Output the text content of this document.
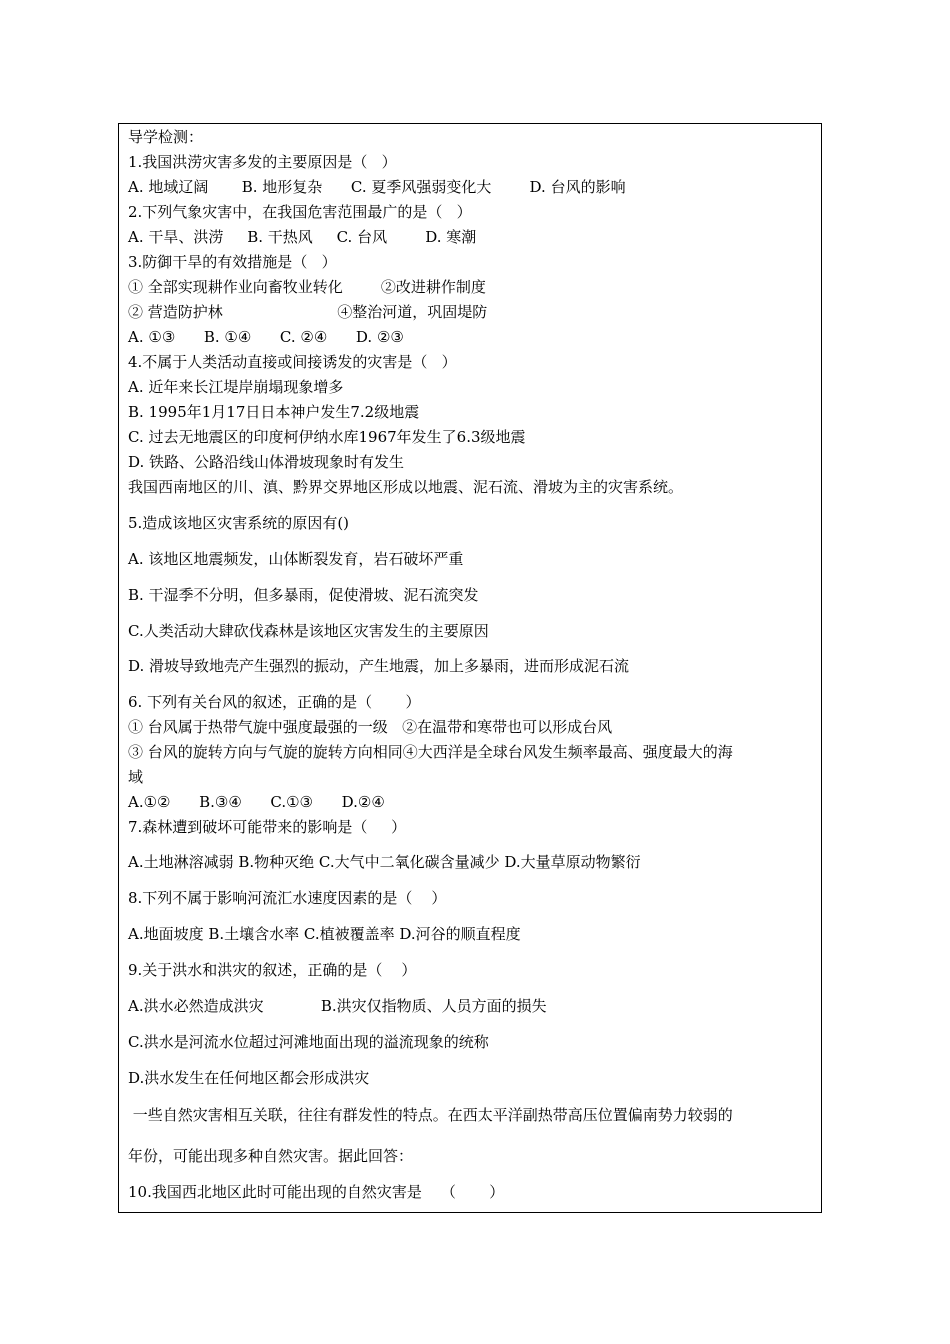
导学检测：
1.我国洪涝灾害多发的主要原因是（   ）
A. 地域辽阔       B. 地形复杂      C. 夏季风强弱变化大        D. 台风的影响
2.下列气象灾害中，在我国危害范围最广的是（   ）
A. 干旱、洪涝     B. 干热风     C. 台风        D. 寒潮
3.防御干旱的有效措施是（   ）
① 全部实现耕作业向畜牧业转化        ②改进耕作制度
② 营造防护林                        ④整治河道，巩固堤防
A. ①③      B. ①④      C. ②④      D. ②③
4.不属于人类活动直接或间接诱发的灾害是（   ）
A. 近年来长江堤岸崩塌现象增多
B. 1995年1月17日日本神户发生7.2级地震
C. 过去无地震区的印度柯伊纳水库1967年发生了6.3级地震
D. 铁路、公路沿线山体滑坡现象时有发生
我国西南地区的川、滇、黔界交界地区形成以地震、泥石流、滑坡为主的灾害系统。
5.造成该地区灾害系统的原因有()
A. 该地区地震频发，山体断裂发育，岩石破坏严重
B. 干湿季不分明，但多暴雨，促使滑坡、泥石流突发
C.人类活动大肆砍伐森林是该地区灾害发生的主要原因
D. 滑坡导致地壳产生强烈的振动，产生地震，加上多暴雨，进而形成泥石流
6. 下列有关台风的叙述，正确的是（       ）
① 台风属于热带气旋中强度最强的一级   ②在温带和寒带也可以形成台风
③ 台风的旋转方向与气旋的旋转方向相同④大西洋是全球台风发生频率最高、强度最大的海
域
A.①②      B.③④      C.①③      D.②④
7.森林遭到破坏可能带来的影响是（     ）
A.土地淋溶减弱 B.物种灭绝 C.大气中二氧化碳含量减少 D.大量草原动物繁衍
8.下列不属于影响河流汇水速度因素的是（    ）
A.地面坡度 B.土壤含水率 C.植被覆盖率 D.河谷的顺直程度
9.关于洪水和洪灾的叙述，正确的是（    ）
A.洪水必然造成洪灾            B.洪灾仅指物质、人员方面的损失
C.洪水是河流水位超过河滩地面出现的溢流现象的统称
D.洪水发生在任何地区都会形成洪灾
一些自然灾害相互关联，往往有群发性的特点。在西太平洋副热带高压位置偏南势力较弱的
年份，可能出现多种自然灾害。据此回答：
10.我国西北地区此时可能出现的自然灾害是    （       ）
